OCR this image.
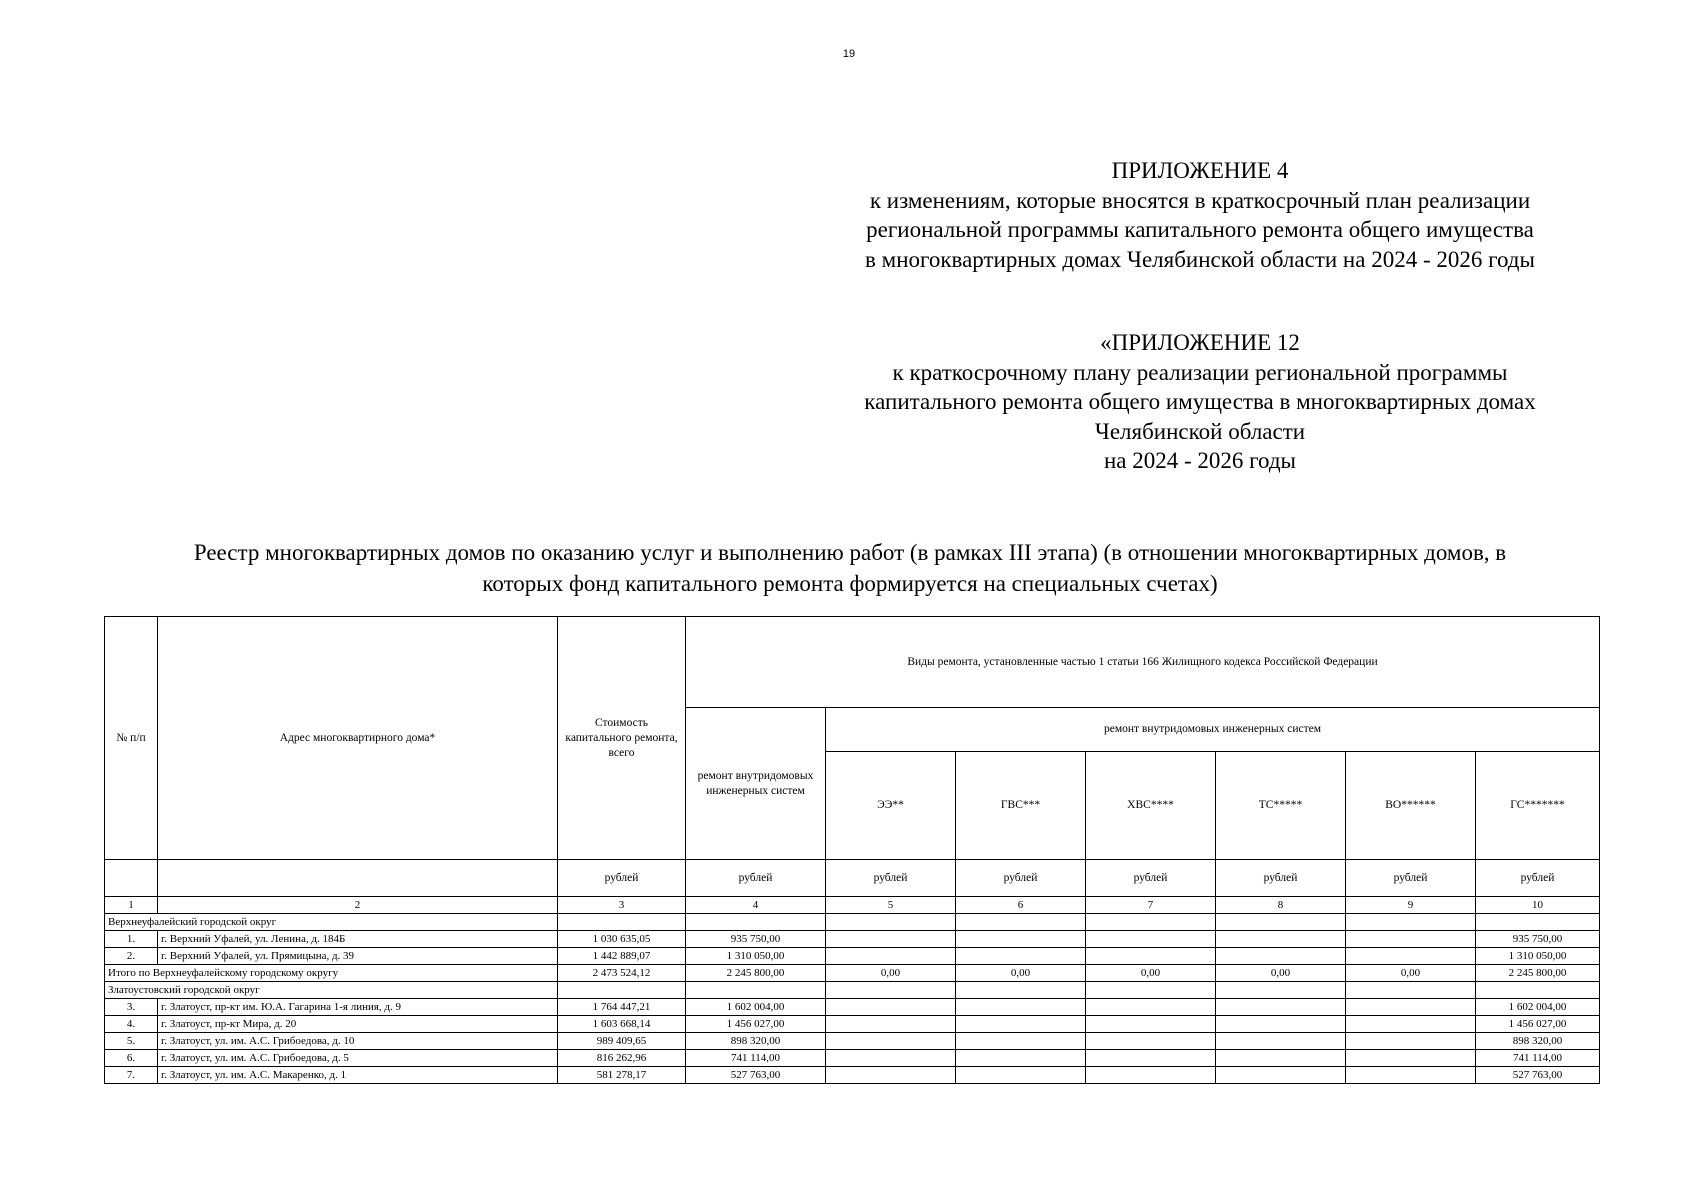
19
ПРИЛОЖЕНИЕ 4
к изменениям, которые вносятся в краткосрочный план реализации
региональной программы капитального ремонта общего имущества
в многоквартирных домах Челябинской области на 2024 - 2026 годы
«ПРИЛОЖЕНИЕ 12
к краткосрочному плану реализации региональной программы
капитального ремонта общего имущества в многоквартирных домах
Челябинской области
на 2024 - 2026 годы
Реестр многоквартирных домов по оказанию услуг и выполнению работ (в рамках III этапа) (в отношении многоквартирных домов, в
которых фонд капитального ремонта формируется на специальных счетах)
№ п/п	Адрес многоквартирного дома*	Стоимость капитального ремонта, всего	Виды ремонта, установленные частью 1 статьи 166 Жилищного кодекса Российской Федерации						
			ремонт внутридомовых инженерных систем	ремонт внутридомовых инженерных систем					
				ЭЭ**	ГВС***	ХВС****	ТС*****	ВО******	ГС*******
		рублей	рублей	рублей	рублей	рублей	рублей	рублей	рублей
1	2	3	4	5	6	7	8	9	10
Верхнеуфалейский городской округ									
1.	г. Верхний Уфалей, ул. Ленина, д. 184Б	1 030 635,05	935 750,00						935 750,00
2.	г. Верхний Уфалей, ул. Прямицына, д. 39	1 442 889,07	1 310 050,00						1 310 050,00
Итого по Верхнеуфалейскому городскому округу		2 473 524,12	2 245 800,00	0,00	0,00	0,00	0,00	0,00	2 245 800,00
Златоустовский городской округ									
3.	г. Златоуст, пр-кт им. Ю.А. Гагарина 1-я линия, д. 9	1 764 447,21	1 602 004,00						1 602 004,00
4.	г. Златоуст, пр-кт Мира, д. 20	1 603 668,14	1 456 027,00						1 456 027,00
5.	г. Златоуст, ул. им. А.С. Грибоедова, д. 10	989 409,65	898 320,00						898 320,00
6.	г. Златоуст, ул. им. А.С. Грибоедова, д. 5	816 262,96	741 114,00						741 114,00
7.	г. Златоуст, ул. им. А.С. Макаренко, д. 1	581 278,17	527 763,00						527 763,00
